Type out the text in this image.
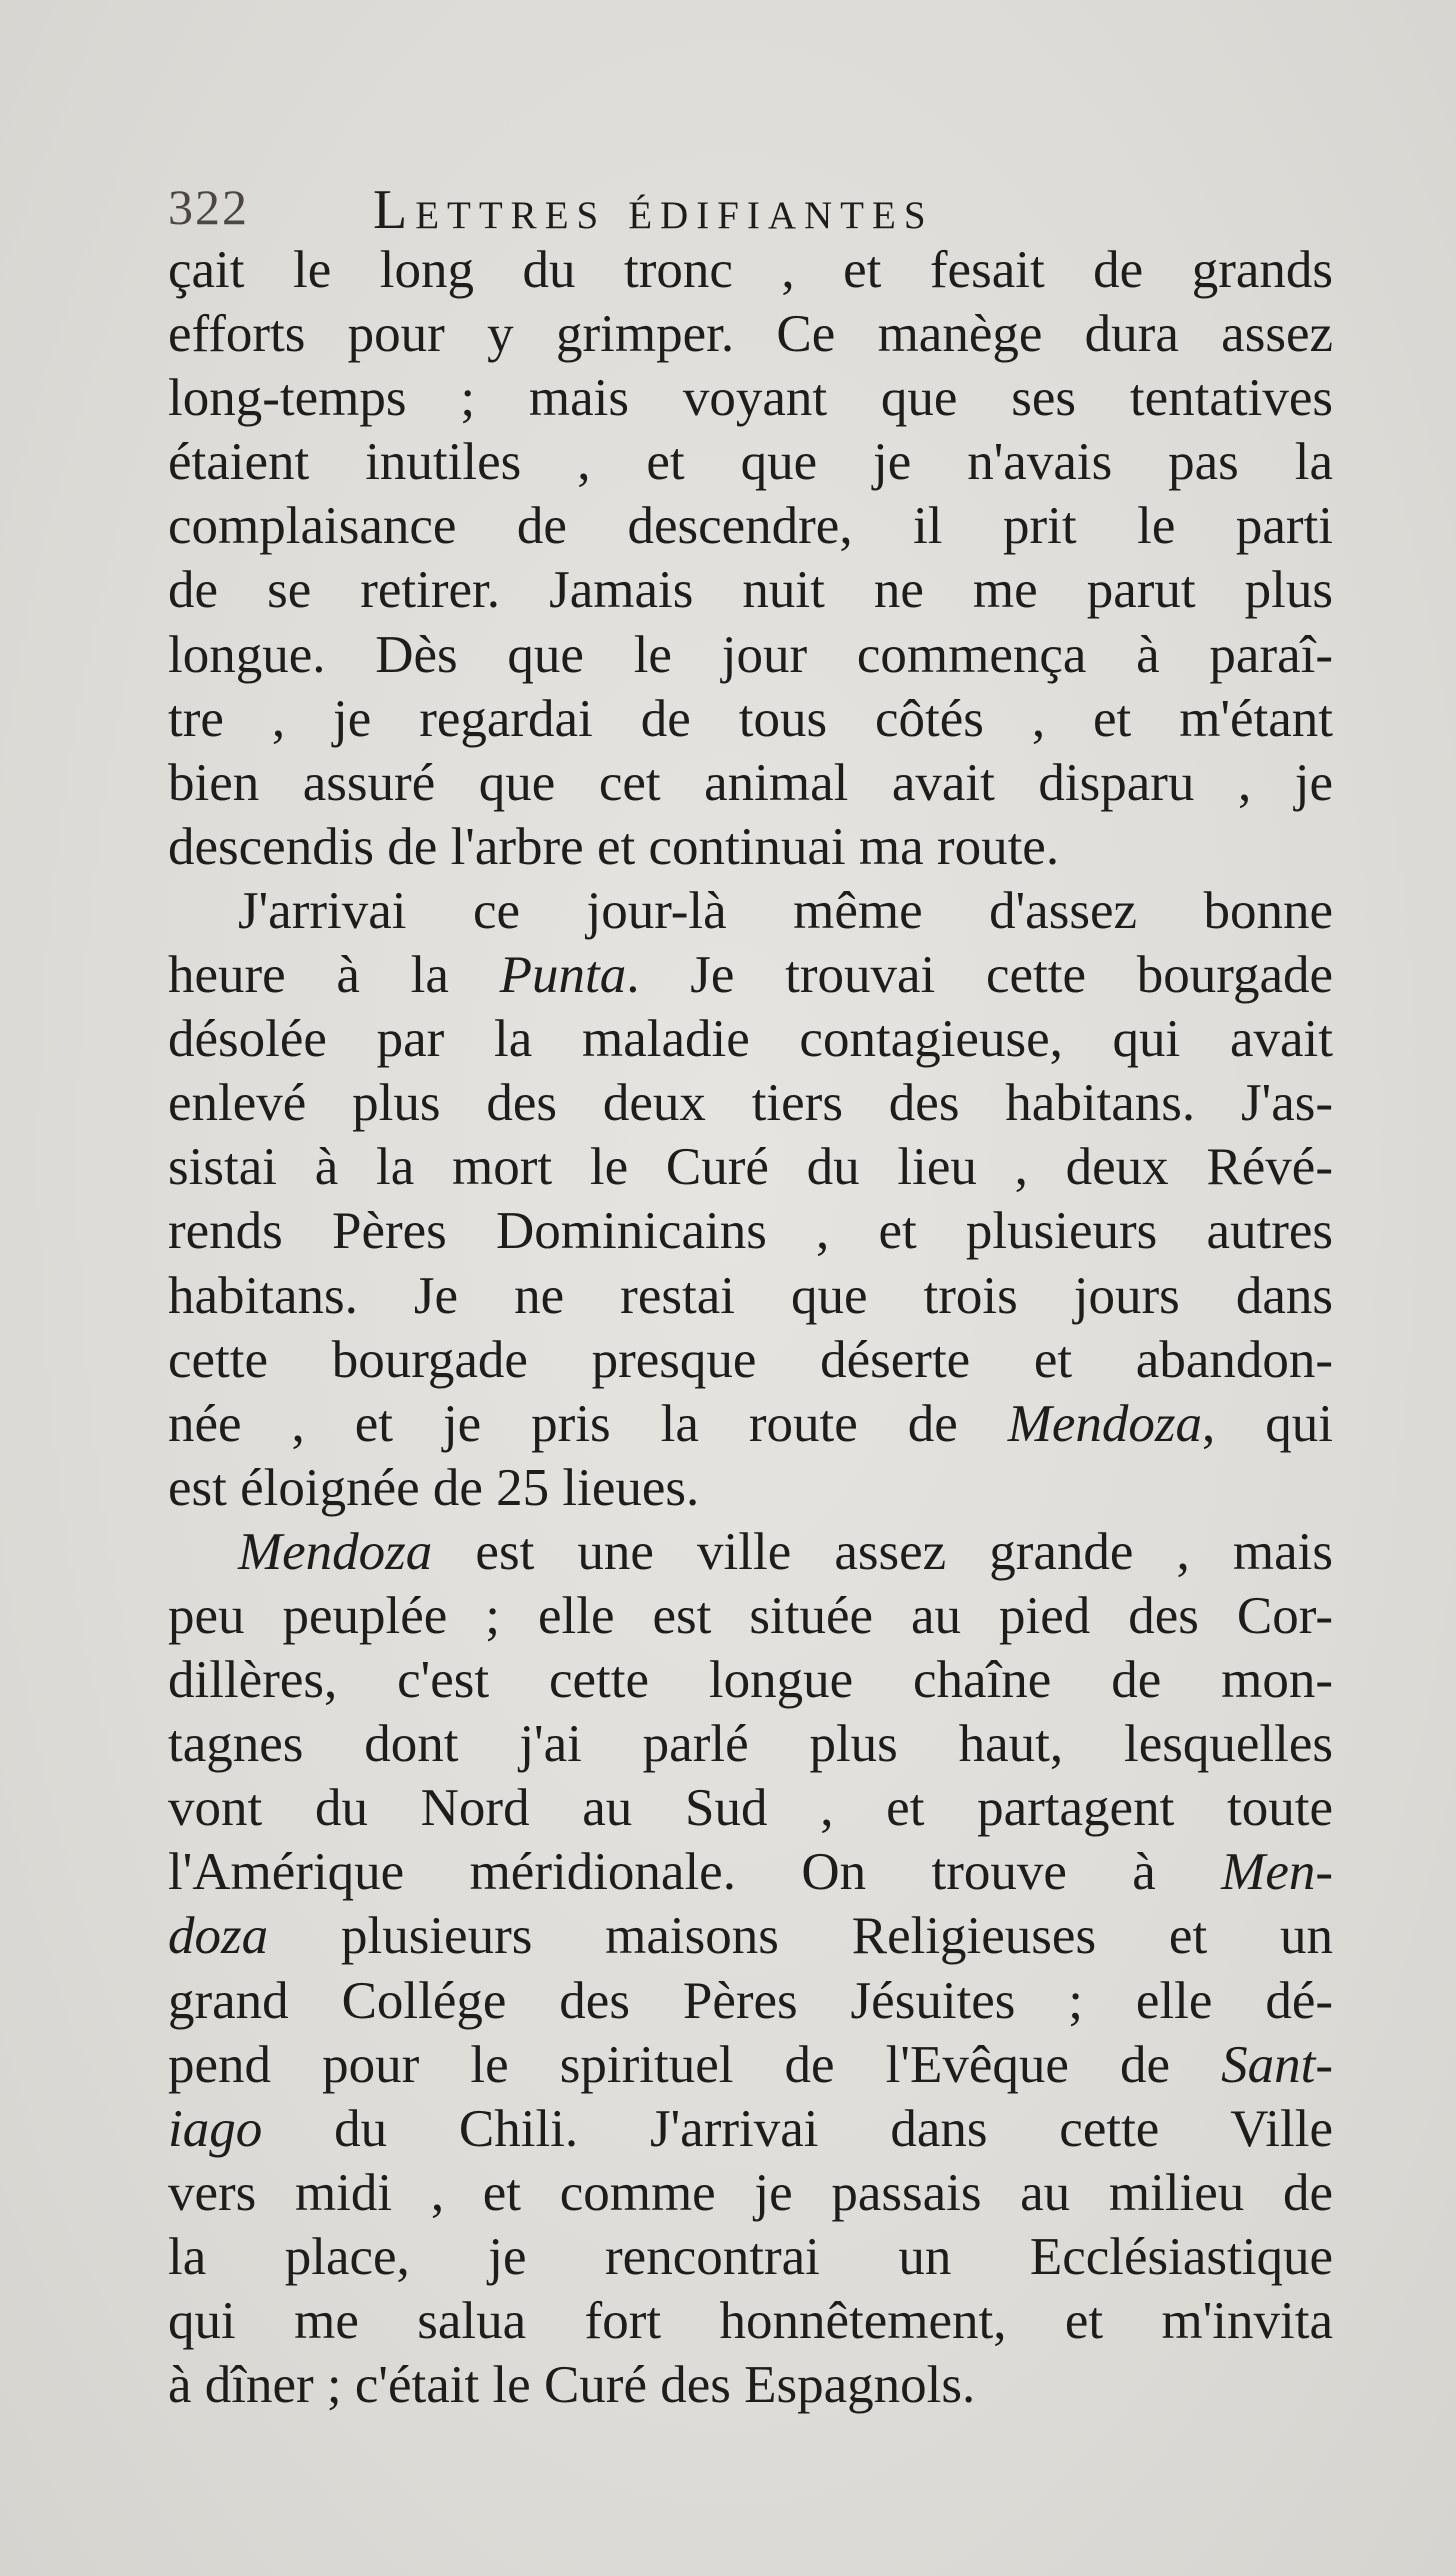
322 Lettres édifiantes
çait le long du tronc , et fesait de grands
efforts pour y grimper. Ce manège dura assez
long-temps ; mais voyant que ses tentatives
étaient inutiles , et que je n'avais pas la
complaisance de descendre, il prit le parti
de se retirer. Jamais nuit ne me parut plus
longue. Dès que le jour commença à paraî-
tre , je regardai de tous côtés , et m'étant
bien assuré que cet animal avait disparu , je
descendis de l'arbre et continuai ma route.
J'arrivai ce jour-là même d'assez bonne
heure à la Punta. Je trouvai cette bourgade
désolée par la maladie contagieuse, qui avait
enlevé plus des deux tiers des habitans. J'as-
sistai à la mort le Curé du lieu , deux Révé-
rends Pères Dominicains , et plusieurs autres
habitans. Je ne restai que trois jours dans
cette bourgade presque déserte et abandon-
née , et je pris la route de Mendoza, qui
est éloignée de 25 lieues.
Mendoza est une ville assez grande , mais
peu peuplée ; elle est située au pied des Cor-
dillères, c'est cette longue chaîne de mon-
tagnes dont j'ai parlé plus haut, lesquelles
vont du Nord au Sud , et partagent toute
l'Amérique méridionale. On trouve à Men-
doza plusieurs maisons Religieuses et un
grand Collége des Pères Jésuites ; elle dé-
pend pour le spirituel de l'Evêque de Sant-
iago du Chili. J'arrivai dans cette Ville
vers midi , et comme je passais au milieu de
la place, je rencontrai un Ecclésiastique
qui me salua fort honnêtement, et m'invita
à dîner ; c'était le Curé des Espagnols.
